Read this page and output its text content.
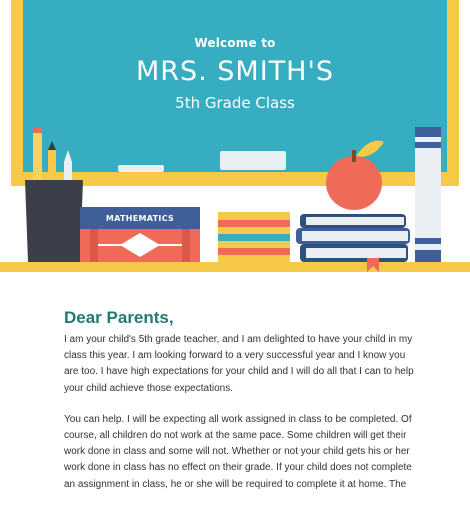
Welcome to
MRS. SMITH'S
5th Grade Class
MATHEMATICS
Dear Parents,

I am your child's 5th grade teacher, and I am delighted to have your child in my class this year. I am looking forward to a very successful year and I know you are too. I have high expectations for your child and I will do all that I can to help your child achieve those expectations.

You can help. I will be expecting all work assigned in class to be completed. Of course, all children do not work at the same pace. Some children will get their work done in class and some will not. Whether or not your child gets his or her work done in class has no effect on their grade. If your child does not complete an assignment in class, he or she will be required to complete it at home. The
